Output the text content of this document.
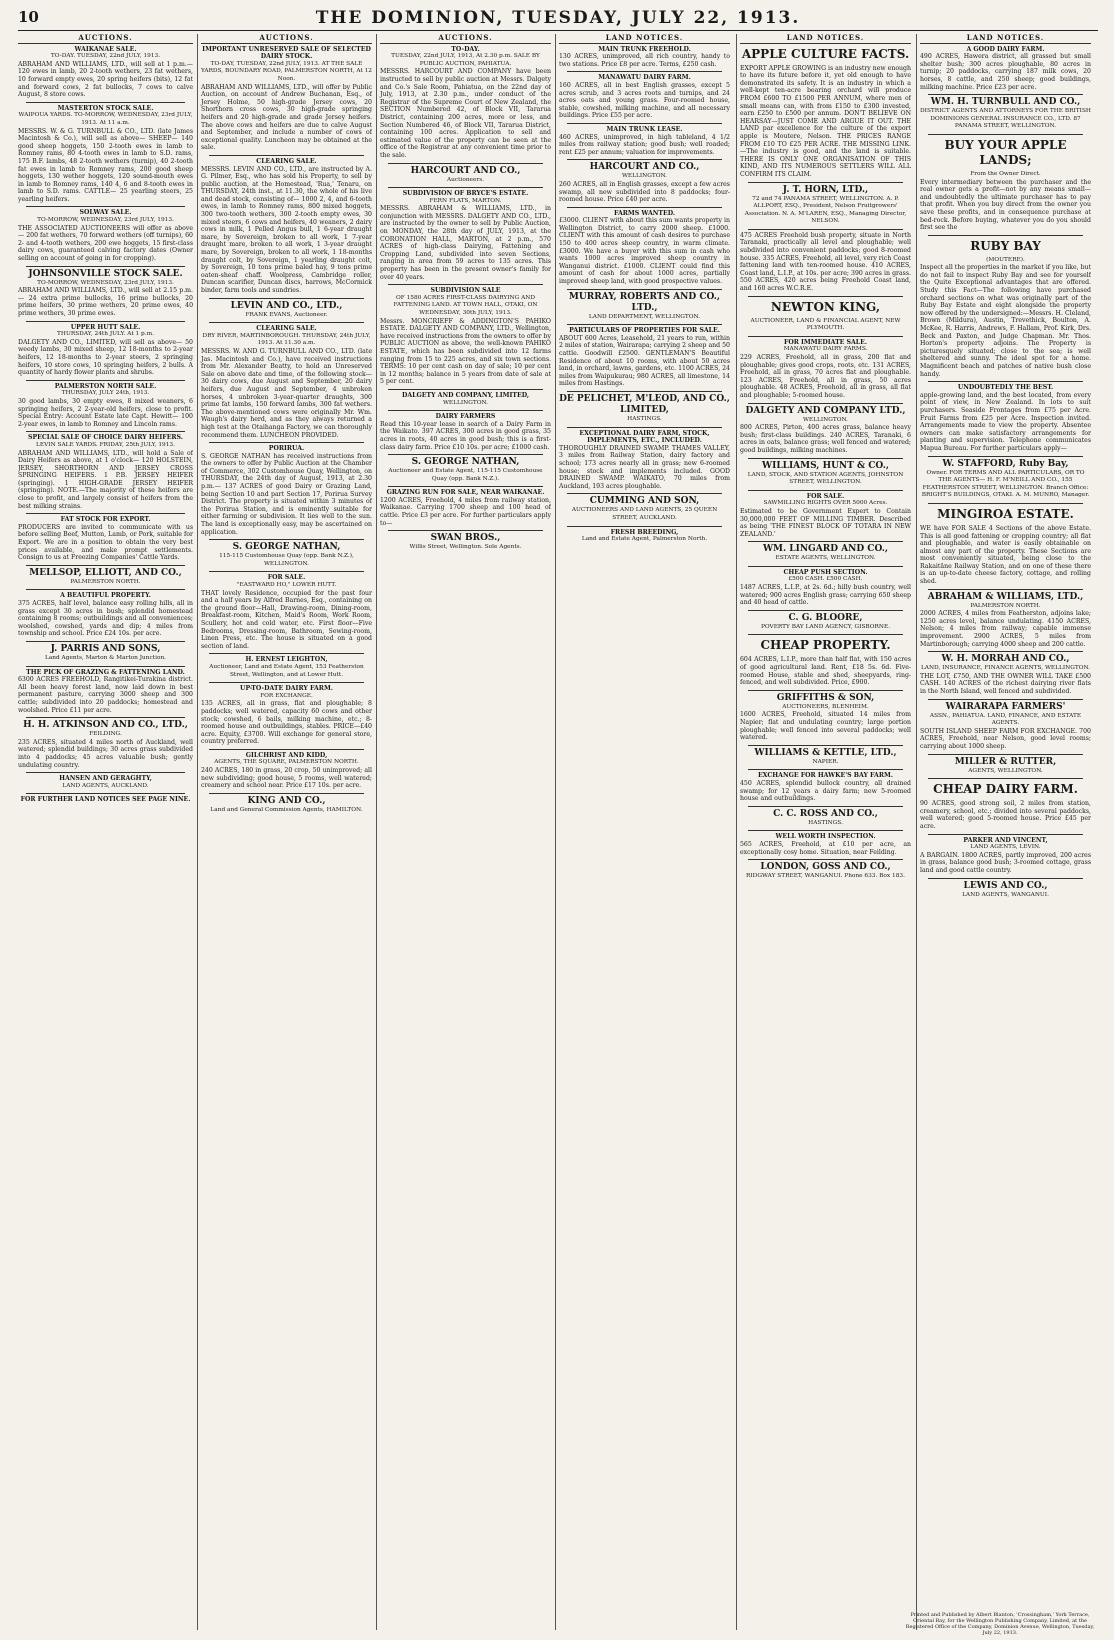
10	THE DOMINION, TUESDAY, JULY 22, 1913.
AUCTIONS.
WAIKANAE SALE.
TO-DAY. TUESDAY, 22nd JULY, 1913.
ABRAHAM AND WILLIAMS, LTD., will sell at 1 p.m.— 120 ewes in lamb, 20 2-tooth wethers, 23 fat wethers, 10 forward empty ewes, 20 spring heifers (bits), 12 fat and forward cows, 2 fat bullocks, 7 cows to calve August, 8 store cows.
MASTERTON STOCK SALE.
WAIPOUA YARDS. TO-MORROW, WEDNESDAY, 23rd JULY, 1913. At 11 a.m.
MESSRS. W. & G. TURNBULL & CO., LTD. (late James Macintosh & Co.), will sell as above— SHEEP— 140 good sheep hoggets, 150 2-tooth ewes in lamb to Romney rams, 80 4-tooth ewes in lamb to S.D. rams, 175 B.F. lambs, 48 2-tooth wethers (turnip), 40 2-tooth fat ewes in lamb to Romney rams, 200 good sheep hoggets, 130 wether hoggets, 120 sound-mouth ewes in lamb to Romney rams, 140 4, 6 and 8-tooth ewes in lamb to S.D. rams. CATTLE— 25 yearling steers, 25 yearling heifers.
SOLWAY SALE.
TO-MORROW, WEDNESDAY, 23rd JULY, 1913.
THE ASSOCIATED AUCTIONEERS will offer as above— 200 fat wethers, 70 forward wethers (off turnips), 60 2- and 4-tooth wethers, 200 ewe hoggets, 15 first-class dairy cows, guaranteed calving factory dates (Owner selling on account of going in for cropping).
JOHNSONVILLE STOCK SALE.
TO-MORROW, WEDNESDAY, 23rd JULY, 1913.
ABRAHAM AND WILLIAMS, LTD., will sell at 2.15 p.m.— 24 extra prime bullocks, 16 prime bullocks, 20 prime heifers, 30 prime wethers, 20 prime ewes, 40 prime wethers, 30 prime ewes.
UPPER HUTT SALE.
THURSDAY, 24th JULY. At 1 p.m.
DALGETY AND CO., LIMITED, will sell as above— 50 weedy lambs, 30 mixed sheep, 12 18-months to 2-year heifers, 12 18-months to 2-year steers, 2 springing heifers, 10 store cows, 10 springing heifers, 2 bulls. A quantity of hardy flower plants and shrubs.
PALMERSTON NORTH SALE.
THURSDAY, JULY 24th, 1913.
30 good lambs, 30 empty ewes, 8 mixed weaners, 6 springing heifers, 2 2-year-old heifers, close to profit. Special Entry: Account Estate late Capt. Hewitt— 100 2-year ewes, in lamb to Romney and Lincoln rams.
SPECIAL SALE OF CHOICE DAIRY HEIFERS.
LEVIN SALE YARDS. FRIDAY, 25th JULY, 1913.
ABRAHAM AND WILLIAMS, LTD., will hold a Sale of Dairy Heifers as above, at 1 o'clock— 120 HOLSTEIN, JERSEY, SHORTHORN AND JERSEY CROSS SPRINGING HEIFERS. 1 P.B. JERSEY HEIFER (springing). 1 HIGH-GRADE JERSEY HEIFER (springing). NOTE.—The majority of these heifers are close to profit, and largely consist of heifers from the best milking strains.
FAT STOCK FOR EXPORT.
PRODUCERS are invited to communicate with us before selling Beef, Mutton, Lamb, or Pork, suitable for Export. We are in a position to obtain the very best prices available, and make prompt settlements. Consign to us at Freezing Companies' Cattle Yards.
MELLSOP, ELLIOTT, AND CO.,
PALMERSTON NORTH.
A BEAUTIFUL PROPERTY.
375 ACRES, half level, balance easy rolling hills, all in grass except 30 acres in bush; splendid homestead containing 8 rooms; outbuildings and all conveniences; woolshed, cowshed, yards and dip; 4 miles from township and school. Price £24 10s. per acre.
J. PARRIS AND SONS,
Land Agents, Marton & Marton Junction.
THE PICK OF GRAZING & FATTENING LAND.
6300 ACRES FREEHOLD, Rangitikei-Turakina district. All been heavy forest land, now laid down in best permanent pasture, carrying 3000 sheep and 300 cattle; subdivided into 20 paddocks; homestead and woolshed. Price £11 per acre.
H. H. ATKINSON AND CO., LTD.,
FEILDING.
235 ACRES, situated 4 miles north of Auckland, well watered; splendid buildings; 30 acres grass subdivided into 4 paddocks; 45 acres valuable bush; gently undulating country.
HANSEN AND GERAGHTY,
LAND AGENTS, AUCKLAND.
FOR FURTHER LAND NOTICES SEE PAGE NINE.
AUCTIONS.
IMPORTANT UNRESERVED SALE OF SELECTED DAIRY STOCK.
TO-DAY, TUESDAY, 22nd JULY, 1913. AT THE SALE YARDS, BOUNDARY ROAD, PALMERSTON NORTH, At 12 Noon.
ABRAHAM AND WILLIAMS, LTD., will offer by Public Auction, on account of Andrew Buchanan, Esq., of Jersey Holme, 50 high-grade Jersey cows, 20 Shorthorn cross cows, 30 high-grade springing heifers and 20 high-grade and grade Jersey heifers. The above cows and heifers are due to calve August and September, and include a number of cows of exceptional quality. Luncheon may be obtained at the sale.
CLEARING SALE.
MESSRS. LEVIN AND CO., LTD., are instructed by A. G. Pilmer, Esq., who has sold his Property, to sell by public auction, at the Homestead, 'Rua,' Tenaru, on THURSDAY, 24th inst., at 11.30, the whole of his live and dead stock, consisting of— 1000 2, 4, and 6-tooth ewes, in lamb to Romney rams, 800 mixed hoggets, 300 two-tooth wethers, 300 2-tooth empty ewes, 30 mixed steers, 6 cows and heifers, 40 weaners, 2 dairy cows in milk, 1 Pelled Angus bull, 1 6-year draught mare, by Sovereign, broken to all work, 1 7-year draught mare, broken to all work, 1 3-year draught mare, by Sovereign, broken to all work, 1 18-months draught colt, by Sovereign, 1 yearling draught colt, by Sovereign, 10 tons prime baled hay, 9 tons prime oaten-sheaf chaff. Woolpress, Cambridge roller, Duncan scarifier, Duncan discs, harrows, McCormick binder, farm tools and sundries.
LEVIN AND CO., LTD.,
FRANK EVANS, Auctioneer.
CLEARING SALE.
DRY RIVER, MARTINBOROUGH. THURSDAY, 24th JULY, 1913. At 11.30 a.m.
MESSRS. W. AND G. TURNBULL AND CO., LTD. (late Jas. Macintosh and Co.), have received instructions from Mr. Alexander Beatty, to hold an Unreserved Sale on above date and time, of the following stock— 30 dairy cows, due August and September, 20 dairy heifers, due August and September, 4 unbroken horses, 4 unbroken 3-year-quarter draughts, 300 prime fat lambs, 150 forward lambs, 300 fat wethers. The above-mentioned cows were originally Mr. Wm. Waugh's dairy herd, and as they always returned a high test at the Otaihanga Factory, we can thoroughly recommend them. LUNCHEON PROVIDED.
PORIRUA.
S. GEORGE NATHAN has received instructions from the owners to offer by Public Auction at the Chamber of Commerce, 302 Customhouse Quay, Wellington, on THURSDAY, the 24th day of August, 1913, at 2.30 p.m.— 137 ACRES of good Dairy or Grazing Land, being Section 10 and part Section 17, Porirua Survey District. The property is situated within 3 minutes of the Porirua Station, and is eminently suitable for either farming or subdivision. It lies well to the sun. The land is exceptionally easy, may be ascertained on application.
S. GEORGE NATHAN,
115-115 Customhouse Quay (opp. Bank N.Z.), WELLINGTON.
FOR SALE.
"EASTWARD HO," LOWER HUTT.
THAT lovely Residence, occupied for the past four and a half years by Alfred Barnes, Esq., containing on the ground floor—Hall, Drawing-room, Dining-room, Breakfast-room, Kitchen, Maid's Room, Work Room, Scullery, hot and cold water, etc. First floor—Five Bedrooms, Dressing-room, Bathroom, Sewing-room, Linen Press, etc. The house is situated on a good section of land.
H. ERNEST LEIGHTON,
Auctioneer, Land and Estate Agent, 153 Featherston Street, Wellington, and at Lower Hutt.
UP-TO-DATE DAIRY FARM.
FOR EXCHANGE.
135 ACRES, all in grass, flat and ploughable; 8 paddocks; well watered, capacity 60 cows and other stock; cowshed, 6 bails, milking machine, etc.; 8-roomed house and outbuildings, stables. PRICE—£40 acre. Equity, £3700. Will exchange for general store, country preferred.
GILCHRIST AND KIDD,
AGENTS, THE SQUARE, PALMERSTON NORTH.
240 ACRES, 180 in grass, 20 crop, 50 unimproved; all new subdividing; good house, 5 rooms, well watered; creamery and school near. Price £17 10s. per acre.
KING AND CO.,
Land and General Commission Agents, HAMILTON.
AUCTIONS.
TO-DAY.
TUESDAY, 22nd JULY, 1913, At 2.30 p.m. SALE BY PUBLIC AUCTION, PAHIATUA.
MESSRS. HARCOURT AND COMPANY have been instructed to sell by public auction at Messrs. Dalgety and Co.'s Sale Room, Pahiatua, on the 22nd day of July, 1913, at 2.30 p.m., under conduct of the Registrar of the Supreme Court of New Zealand, the SECTION Numbered 42, of Block VII, Tararua District, containing 200 acres, more or less, and Section Numbered 46, of Block VII, Tararua District, containing 100 acres. Application to sell and estimated value of the property can be seen at the office of the Registrar at any convenient time prior to the sale.
HARCOURT AND CO.,
Auctioneers.
SUBDIVISION OF BRYCE'S ESTATE.
FERN FLATS, MARTON.
MESSRS. ABRAHAM & WILLIAMS, LTD., in conjunction with MESSRS. DALGETY AND CO., LTD., are instructed by the owner to sell by Public Auction, on MONDAY, the 28th day of JULY, 1913, at the CORONATION HALL, MARTON, at 2 p.m., 570 ACRES of high-class Dairying, Fattening and Cropping Land, subdivided into seven Sections, ranging in area from 59 acres to 135 acres. This property has been in the present owner's family for over 40 years.
SUBDIVISION SALE
OF 1580 ACRES FIRST-CLASS DAIRYING AND FATTENING LAND. AT TOWN HALL, OTAKI, ON WEDNESDAY, 30th JULY, 1913.
Messrs. MONCRIEFF & ADDINGTON'S PAHIKO ESTATE. DALGETY AND COMPANY, LTD., Wellington, have received instructions from the owners to offer by PUBLIC AUCTION as above, the well-known PAHIKO ESTATE, which has been subdivided into 12 farms ranging from 15 to 225 acres, and six town sections. TERMS: 10 per cent cash on day of sale; 10 per cent in 12 months; balance in 5 years from date of sale at 5 per cent.
DALGETY AND COMPANY, LIMITED,
WELLINGTON.
DAIRY FARMERS
Read this 10-year lease in search of a Dairy Farm in the Waikato. 397 ACRES, 300 acres in good grass, 35 acres in roots, 40 acres in good bush; this is a first-class dairy farm. Price £10 10s. per acre; £1000 cash.
S. GEORGE NATHAN,
Auctioneer and Estate Agent, 115-115 Customhouse Quay (opp. Bank N.Z.).
GRAZING RUN FOR SALE, NEAR WAIKANAE.
1200 ACRES, Freehold, 4 miles from railway station, Waikanae. Carrying 1700 sheep and 100 head of cattle. Price £3 per acre. For further particulars apply to—
SWAN BROS.,
Willis Street, Wellington. Sole Agents.
LAND NOTICES.
MAIN TRUNK FREEHOLD.
130 ACRES, unimproved, all rich country, handy to two stations. Price £8 per acre. Terms, £250 cash.
MANAWATU DAIRY FARM.
160 ACRES, all in best English grasses, except 5 acres scrub, and 3 acres roots and turnips, and 24 acres oats and young grass. Four-roomed house, stable, cowshed, milking machine, and all necessary buildings. Price £55 per acre.
MAIN TRUNK LEASE.
460 ACRES, unimproved, in high tableland, 4 1/2 miles from railway station; good bush; well roaded; rent £25 per annum; valuation for improvements.
HARCOURT AND CO.,
WELLINGTON.
260 ACRES, all in English grasses, except a few acres swamp, all new subdivided into 8 paddocks; four-roomed house. Price £40 per acre.
FARMS WANTED.
£3000. CLIENT with about this sum wants property in Wellington District, to carry 2000 sheep. £1000. CLIENT with this amount of cash desires to purchase 150 to 400 acres sheep country, in warm climate. £3000. We have a buyer with this sum in cash who wants 1000 acres improved sheep country in Wanganui district. £1000. CLIENT could find this amount of cash for about 1000 acres, partially improved sheep land, with good prospective values.
MURRAY, ROBERTS AND CO., LTD.,
LAND DEPARTMENT, WELLINGTON.
PARTICULARS OF PROPERTIES FOR SALE.
ABOUT 600 Acres, Leasehold, 21 years to run, within 2 miles of station, Wairarapa; carrying 2 sheep and 50 cattle. Goodwill £2500. GENTLEMAN'S Beautiful Residence of about 10 rooms, with about 50 acres land, in orchard, lawns, gardens, etc. 1100 ACRES, 24 miles from Waipukurau; 980 ACRES, all limestone, 14 miles from Hastings.
DE PELICHET, M'LEOD, AND CO., LIMITED,
HASTINGS.
EXCEPTIONAL DAIRY FARM, STOCK, IMPLEMENTS, ETC., INCLUDED.
THOROUGHLY DRAINED SWAMP. THAMES VALLEY, 3 miles from Railway Station, dairy factory and school; 173 acres nearly all in grass; new 6-roomed house; stock and implements included. GOOD DRAINED SWAMP. WAIKATO, 70 miles from Auckland, 193 acres ploughable.
CUMMING AND SON,
AUCTIONEERS AND LAND AGENTS, 25 QUEEN STREET, AUCKLAND.
FRESH BREEDING,
Land and Estate Agent, Palmerston North.
LAND NOTICES.
APPLE CULTURE FACTS.
EXPORT APPLE GROWING is an industry new enough to have its future before it, yet old enough to have demonstrated its safety. It is an industry in which a well-kept ten-acre bearing orchard will produce FROM £600 TO £1500 PER ANNUM, where men of small means can, with from £150 to £300 invested, earn £250 to £500 per annum. DON'T BELIEVE ON HEARSAY—JUST COME AND ARGUE IT OUT. THE LAND par excellence for the culture of the export apple is Moutere, Nelson. THE PRICES RANGE FROM £10 TO £25 PER ACRE. THE MISSING LINK.—The industry is good, and the land is suitable. THERE IS ONLY ONE ORGANISATION OF THIS KIND, AND ITS NUMEROUS SETTLERS WILL ALL CONFIRM ITS CLAIM.
J. T. HORN, LTD.,
72 and 74 PANAMA STREET, WELLINGTON. A. P. ALLPORT, ESQ., President, Nelson Fruitgrowers' Association. N. A. M'LAREN, ESQ., Managing Director, NELSON.
475 ACRES Freehold bush property, situate in North Taranaki, practically all level and ploughable; well subdivided into convenient paddocks; good 8-roomed house. 335 ACRES, Freehold, all level, very rich Coast fattening land with ten-roomed house. 410 ACRES, Coast land, L.I.P., at 10s. per acre; 390 acres in grass. 550 ACRES, 420 acres being Freehold Coast land, and 160 acres W.C.R.E.
NEWTON KING,
AUCTIONEER, LAND & FINANCIAL AGENT, NEW PLYMOUTH.
FOR IMMEDIATE SALE.
MANAWATU DAIRY FARMS.
229 ACRES, Freehold, all in grass, 200 flat and ploughable; gives good crops, roots, etc. 131 ACRES, Freehold, all in grass, 70 acres flat and ploughable. 123 ACRES, Freehold, all in grass, 50 acres ploughable. 48 ACRES, Freehold, all in grass, all flat and ploughable; 5-roomed house.
DALGETY AND COMPANY LTD.,
WELLINGTON.
800 ACRES, Pirton, 400 acres grass, balance heavy bush; first-class buildings. 240 ACRES, Taranaki, 6 acres in oats, balance grass; well fenced and watered; good buildings, milking machines.
WILLIAMS, HUNT & CO.,
LAND, STOCK, AND STATION AGENTS, JOHNSTON STREET, WELLINGTON.
FOR SALE.
SAWMILLING RIGHTS OVER 5000 Acres.
Estimated to be Government Expert to Contain 30,000,000 FEET OF MILLING TIMBER. Described as being 'THE FINEST BLOCK OF TOTARA IN NEW ZEALAND.'
WM. LINGARD AND CO.,
ESTATE AGENTS, WELLINGTON.
CHEAP PUSH SECTION.
£500 CASH. £500 CASH.
1487 ACRES, L.I.P., at 2s. 6d.; hilly bush country, well watered; 900 acres English grass; carrying 650 sheep and 40 head of cattle.
C. G. BLOORE,
POVERTY BAY LAND AGENCY, GISBORNE.
CHEAP PROPERTY.
604 ACRES, L.I.P., more than half flat, with 150 acres of good agricultural land. Rent, £18 5s. 6d. Five-roomed House, stable and shed, sheepyards, ring-fenced, and well subdivided. Price, £900.
GRIFFITHS & SON,
AUCTIONEERS, BLENHEIM.
1600 ACRES, Freehold, situated 14 miles from Napier; flat and undulating country; large portion ploughable; well fenced into several paddocks; well watered.
WILLIAMS & KETTLE, LTD.,
NAPIER.
EXCHANGE FOR HAWKE'S BAY FARM.
450 ACRES, splendid bullock country, all drained swamp; for 12 years a dairy farm; new 5-roomed house and outbuildings.
C. C. ROSS AND CO.,
HASTINGS.
WELL WORTH INSPECTION.
565 ACRES, Freehold, at £10 per acre, an exceptionally cosy home. Situation, near Feilding.
LONDON, GOSS AND CO.,
RIDGWAY STREET, WANGANUI. Phone 633. Box 183.
LAND NOTICES.
A GOOD DAIRY FARM.
490 ACRES, Hawera district, all grassed but small shelter bush; 300 acres ploughable, 80 acres in turnip; 20 paddocks, carrying 187 milk cows, 20 horses, 8 cattle, and 250 sheep; good buildings, milking machine. Price £23 per acre.
WM. H. TURNBULL AND CO.,
DISTRICT AGENTS AND ATTORNEYS FOR THE BRITISH DOMINIONS GENERAL INSURANCE CO., LTD. 87 PANAMA STREET, WELLINGTON.
BUY YOUR APPLE LANDS;
From the Owner Direct.
Every intermediary between the purchaser and the real owner gets a profit—not by any means small—and undoubtedly the ultimate purchaser has to pay that profit. When you buy direct from the owner you save these profits, and in consequence purchase at bed-rock. Before buying, whatever you do you should first see the
RUBY BAY
(MOUTERE).
Inspect all the properties in the market if you like, but do not fail to inspect Ruby Bay and see for yourself the Quite Exceptional advantages that are offered. Study this Fact—The following have purchased orchard sections on what was originally part of the Ruby Bay Estate and eight alongside the property now offered by the undersigned:—Messrs. H. Cleland, Brown (Mildura), Austin, Trevethick, Boulton, A. McKee, R. Harris, Andrews, F. Hallam, Prof. Kirk, Drs. Beck and Paxton, and Judge Chapman. Mr. Thos. Horton's property adjoins. The Property is picturesquely situated; close to the sea; is well sheltered and sunny. The ideal spot for a home. Magnificent beach and patches of native bush close handy.
UNDOUBTEDLY THE BEST.
apple-growing land, and the best located, from every point of view, in New Zealand. In lots to suit purchasers. Seaside Frontages from £75 per Acre. Fruit Farms from £25 per Acre. Inspection invited. Arrangements made to view the property. Absentee owners can make satisfactory arrangements for planting and supervision. Telephone communicates Mapua Bureau. For further particulars apply—
W. STAFFORD, Ruby Bay,
Owner. FOR TERMS AND ALL PARTICULARS, OR TO THE AGENTS— H. F. M'NEILL AND CO., 155 FEATHERSTON STREET, WELLINGTON. Branch Office: BRIGHT'S BUILDINGS, OTAKI. A. M. MUNRO, Manager.
MINGIROA ESTATE.
WE have FOR SALE 4 Sections of the above Estate. This is all good fattening or cropping country; all flat and ploughable, and water is easily obtainable on almost any part of the property. These Sections are most conveniently situated, being close to the Rakaitāne Railway Station, and on one of these there is an up-to-date cheese factory, cottage, and rolling shed.
ABRAHAM & WILLIAMS, LTD.,
PALMERSTON NORTH.
2000 ACRES, 4 miles from Featherston, adjoins lake; 1250 acres level, balance undulating. 4150 ACRES, Nelson; 4 miles from railway; capable immense improvement. 2900 ACRES, 5 miles from Martinborough; carrying 4000 sheep and 200 cattle.
W. H. MORRAH AND CO.,
LAND, INSURANCE, FINANCE AGENTS, WELLINGTON.
THE LOT, £750, AND THE OWNER WILL TAKE £500 CASH. 140 ACRES of the richest dairying river flats in the North Island, well fenced and subdivided.
WAIRARAPA FARMERS'
ASSN., PAHIATUA. LAND, FINANCE, AND ESTATE AGENTS.
SOUTH ISLAND SHEEP FARM FOR EXCHANGE. 700 ACRES, Freehold, near Nelson, good level rooms; carrying about 1000 sheep.
MILLER & RUTTER,
AGENTS, WELLINGTON.
CHEAP DAIRY FARM.
90 ACRES, good strong soil, 2 miles from station, creamery, school, etc.; divided into several paddocks, well watered; good 5-roomed house. Price £45 per acre.
PARKER AND VINCENT,
LAND AGENTS, LEVIN.
A BARGAIN. 1800 ACRES, partly improved, 200 acres in grass, balance good bush; 3-roomed cottage, grass land and good cattle country.
LEWIS AND CO.,
LAND AGENTS, WANGANUI.
Printed and Published by Albert Blanton, 'Crossingham,' York Terrace, Oriental Bay, for the Wellington Publishing Company, Limited, at the Registered Office of the Company, Dominion Avenue, Wellington, Tuesday, July 22, 1913.
